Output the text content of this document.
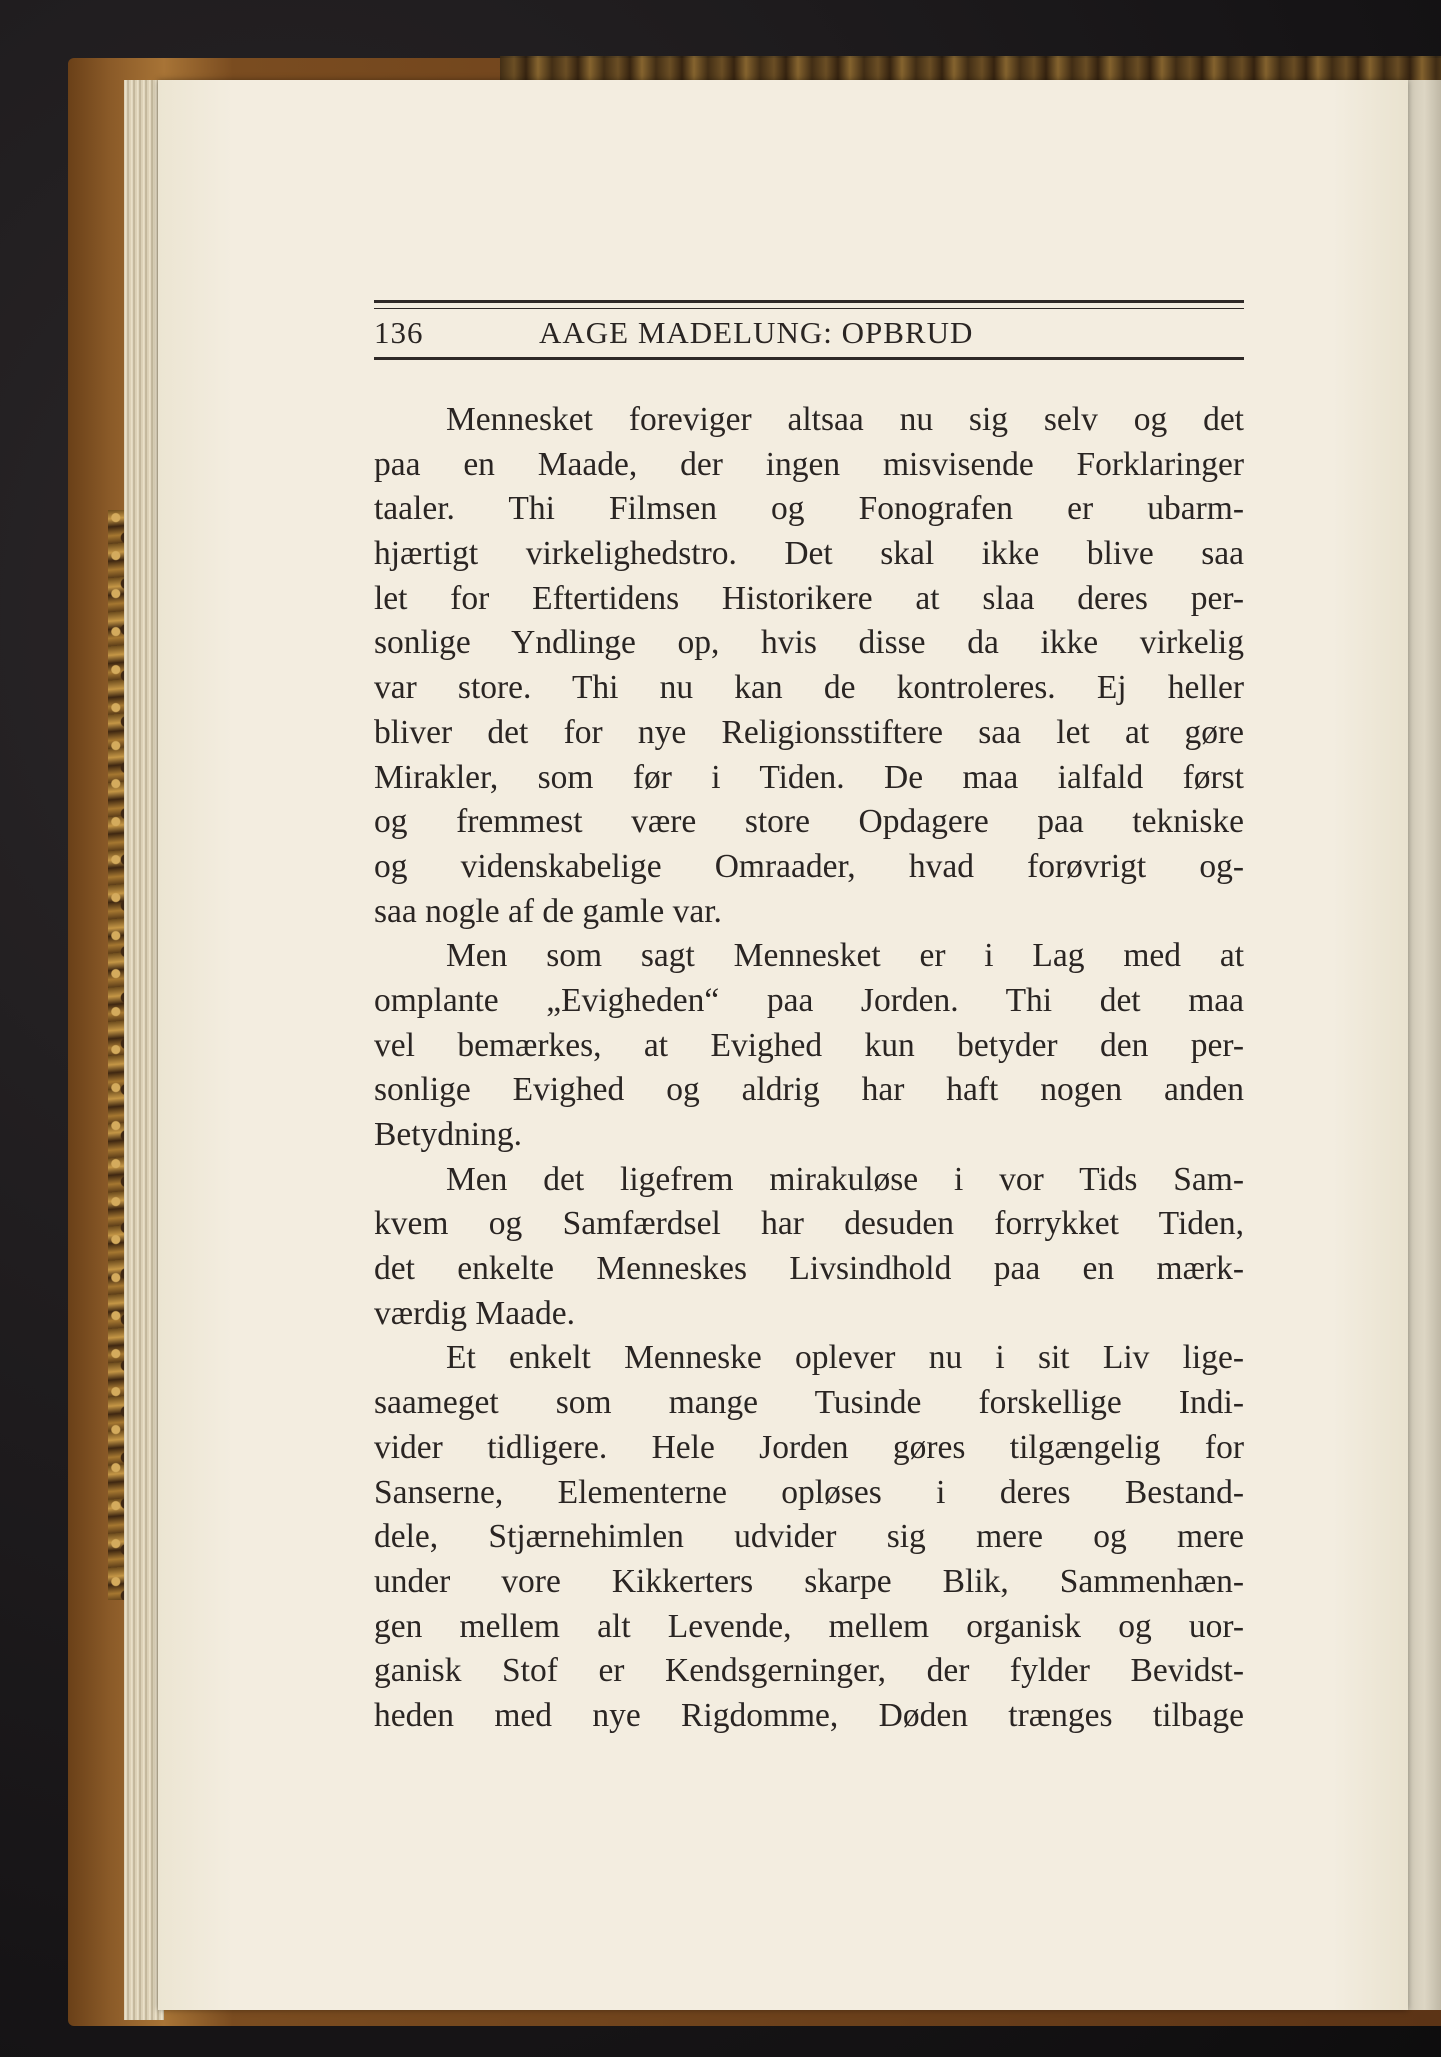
136	AAGE MADELUNG: OPBRUD

Mennesket foreviger altsaa nu sig selv og det
paa en Maade, der ingen misvisende Forklaringer
taaler. Thi Filmsen og Fonografen er ubarm-
hjærtigt virkelighedstro. Det skal ikke blive saa
let for Eftertidens Historikere at slaa deres per-
sonlige Yndlinge op, hvis disse da ikke virkelig
var store. Thi nu kan de kontroleres. Ej heller
bliver det for nye Religionsstiftere saa let at gøre
Mirakler, som før i Tiden. De maa ialfald først
og fremmest være store Opdagere paa tekniske
og videnskabelige Omraader, hvad forøvrigt og-
saa nogle af de gamle var.

Men som sagt Mennesket er i Lag med at
omplante „Evigheden“ paa Jorden. Thi det maa
vel bemærkes, at Evighed kun betyder den per-
sonlige Evighed og aldrig har haft nogen anden
Betydning.

Men det ligefrem mirakuløse i vor Tids Sam-
kvem og Samfærdsel har desuden forrykket Tiden,
det enkelte Menneskes Livsindhold paa en mærk-
værdig Maade.

Et enkelt Menneske oplever nu i sit Liv lige-
saameget som mange Tusinde forskellige Indi-
vider tidligere. Hele Jorden gøres tilgængelig for
Sanserne, Elementerne opløses i deres Bestand-
dele, Stjærnehimlen udvider sig mere og mere
under vore Kikkerters skarpe Blik, Sammenhæn-
gen mellem alt Levende, mellem organisk og uor-
ganisk Stof er Kendsgerninger, der fylder Bevidst-
heden med nye Rigdomme, Døden trænges tilbage
